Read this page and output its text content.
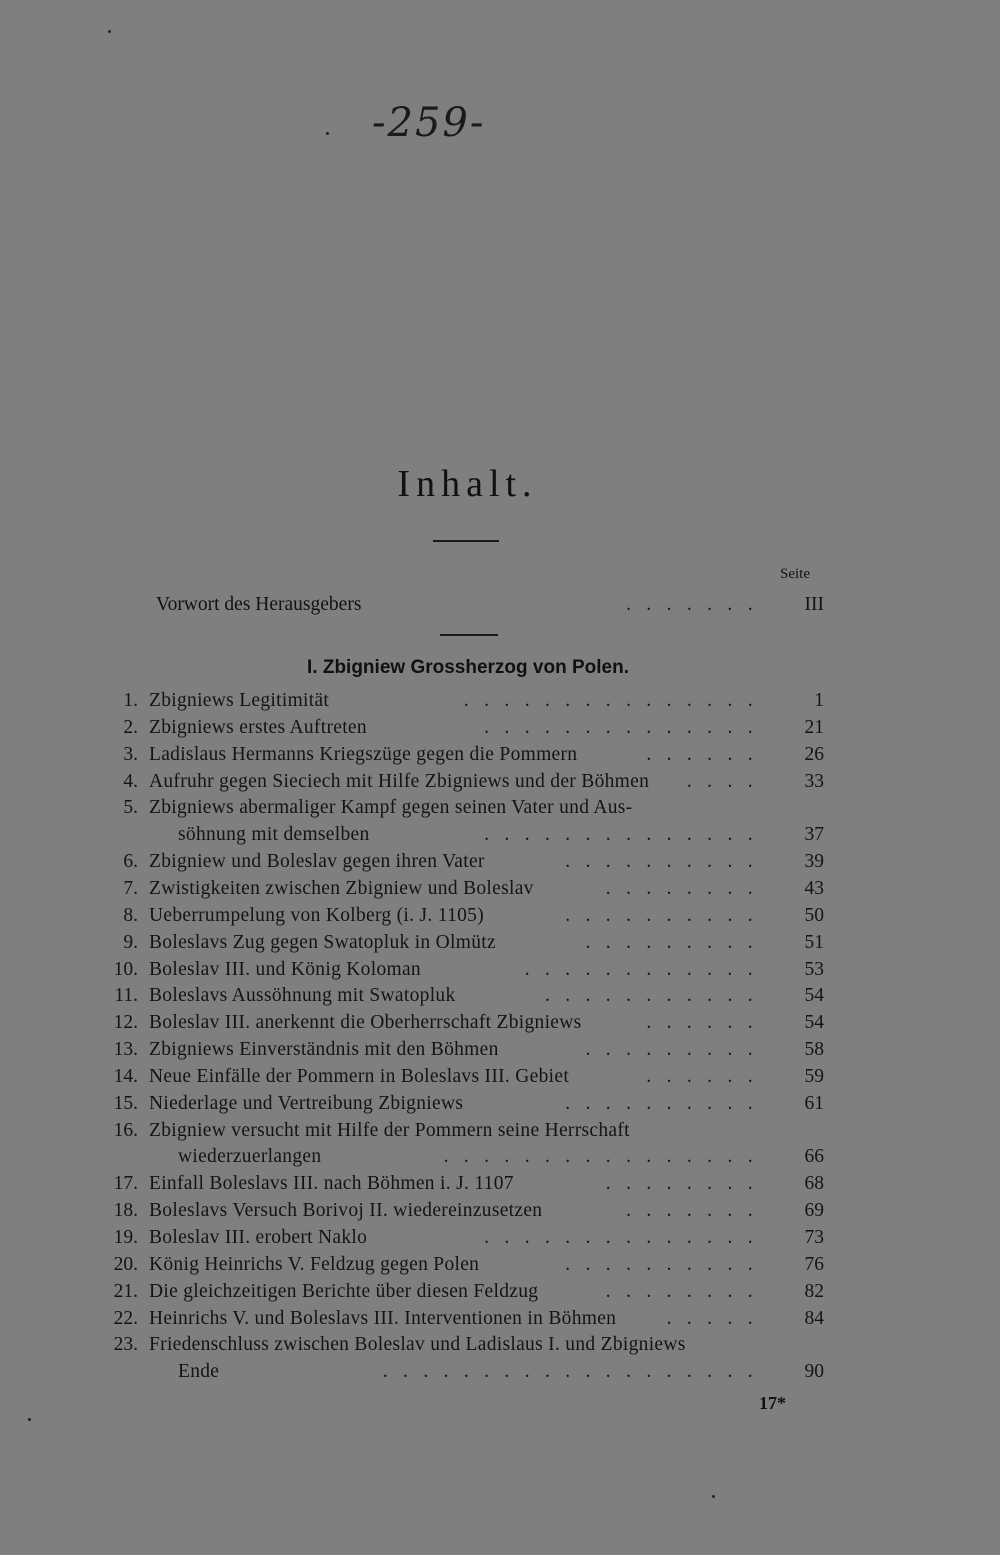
-259-
Inhalt.
Seite
Vorwort des Herausgebers	....... III
I. Zbigniew Grossherzog von Polen.
1. Zbigniews Legitimität	............... 1
2. Zbigniews erstes Auftreten	.............. 21
3. Ladislaus Hermanns Kriegszüge gegen die Pommern	...... 26
4. Aufruhr gegen Sieciech mit Hilfe Zbigniews und der Böhmen	.... 33
5. Zbigniews abermaliger Kampf gegen seinen Vater und Aus-
söhnung mit demselben	.............. 37
6. Zbigniew und Boleslav gegen ihren Vater	.......... 39
7. Zwistigkeiten zwischen Zbigniew und Boleslav	........ 43
8. Ueberrumpelung von Kolberg (i. J. 1105)	.......... 50
9. Boleslavs Zug gegen Swatopluk in Olmütz	......... 51
10. Boleslav III. und König Koloman	............ 53
11. Boleslavs Aussöhnung mit Swatopluk	........... 54
12. Boleslav III. anerkennt die Oberherrschaft Zbigniews	...... 54
13. Zbigniews Einverständnis mit den Böhmen	......... 58
14. Neue Einfälle der Pommern in Boleslavs III. Gebiet	...... 59
15. Niederlage und Vertreibung Zbigniews	.......... 61
16. Zbigniew versucht mit Hilfe der Pommern seine Herrschaft
wiederzuerlangen	................ 66
17. Einfall Boleslavs III. nach Böhmen i. J. 1107	........ 68
18. Boleslavs Versuch Borivoj II. wiedereinzusetzen	....... 69
19. Boleslav III. erobert Naklo	.............. 73
20. König Heinrichs V. Feldzug gegen Polen	.......... 76
21. Die gleichzeitigen Berichte über diesen Feldzug	........ 82
22. Heinrichs V. und Boleslavs III. Interventionen in Böhmen	..... 84
23. Friedenschluss zwischen Boleslav und Ladislaus I. und Zbigniews
Ende	................... 90
17*
